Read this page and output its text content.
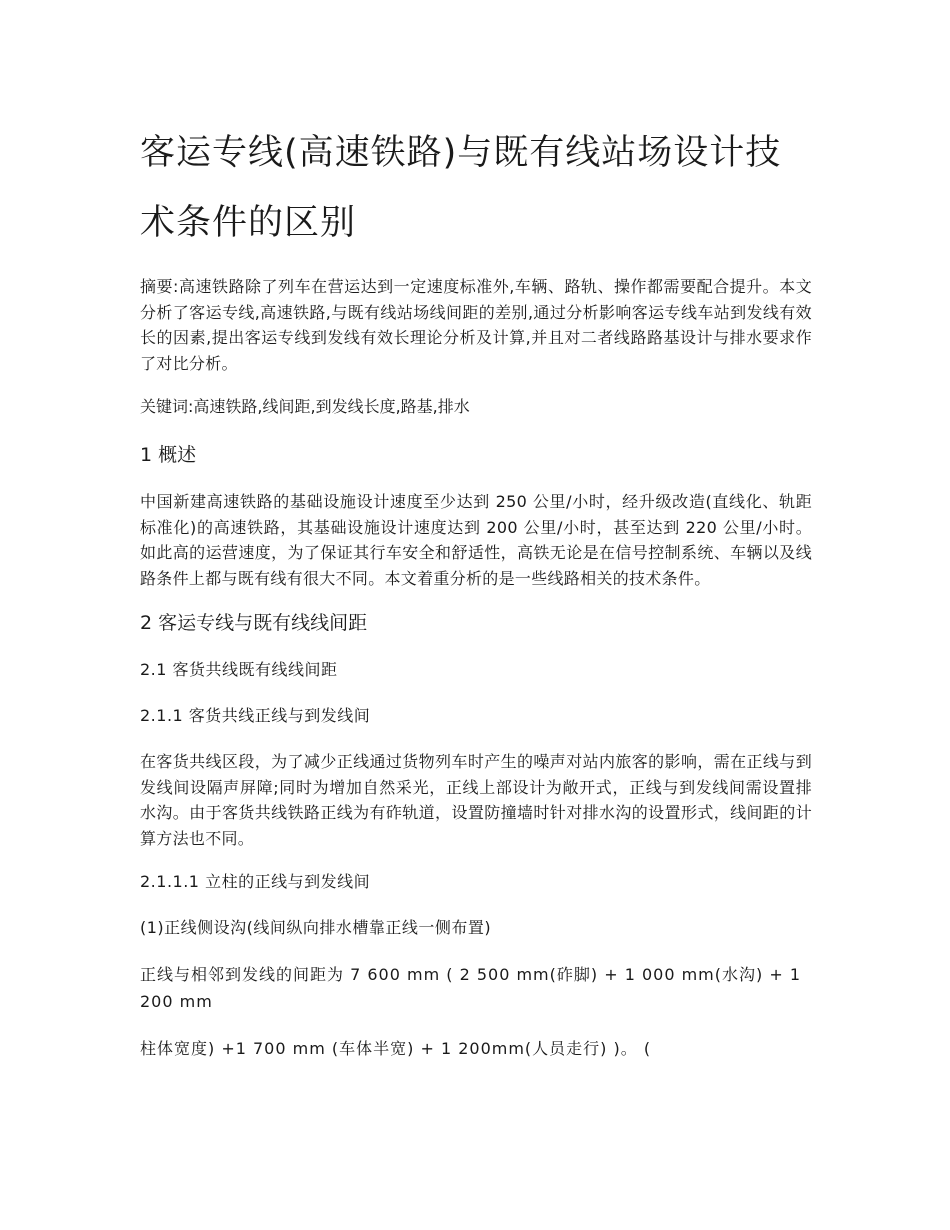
客运专线(高速铁路)与既有线站场设计技术条件的区别

摘要:高速铁路除了列车在营运达到一定速度标准外,车辆、路轨、操作都需要配合提升。本文分析了客运专线,高速铁路,与既有线站场线间距的差别,通过分析影响客运专线车站到发线有效长的因素,提出客运专线到发线有效长理论分析及计算,并且对二者线路路基设计与排水要求作了对比分析。

关键词:高速铁路,线间距,到发线长度,路基,排水

1 概述

中国新建高速铁路的基础设施设计速度至少达到 250 公里/小时，经升级改造(直线化、轨距标准化)的高速铁路，其基础设施设计速度达到 200 公里/小时，甚至达到 220 公里/小时。如此高的运营速度，为了保证其行车安全和舒适性，高铁无论是在信号控制系统、车辆以及线路条件上都与既有线有很大不同。本文着重分析的是一些线路相关的技术条件。

2 客运专线与既有线线间距
2.1 客货共线既有线线间距
2.1.1 客货共线正线与到发线间

在客货共线区段，为了减少正线通过货物列车时产生的噪声对站内旅客的影响，需在正线与到发线间设隔声屏障;同时为增加自然采光，正线上部设计为敞开式，正线与到发线间需设置排水沟。由于客货共线铁路正线为有砟轨道，设置防撞墙时针对排水沟的设置形式，线间距的计算方法也不同。

2.1.1.1 立柱的正线与到发线间

(1)正线侧设沟(线间纵向排水槽靠正线一侧布置)

正线与相邻到发线的间距为 7 600 mm ( 2 500 mm(砟脚) + 1 000 mm(水沟) + 1 200 mm

柱体宽度) +1 700 mm (车体半宽) + 1 200mm(人员走行) )。 (
